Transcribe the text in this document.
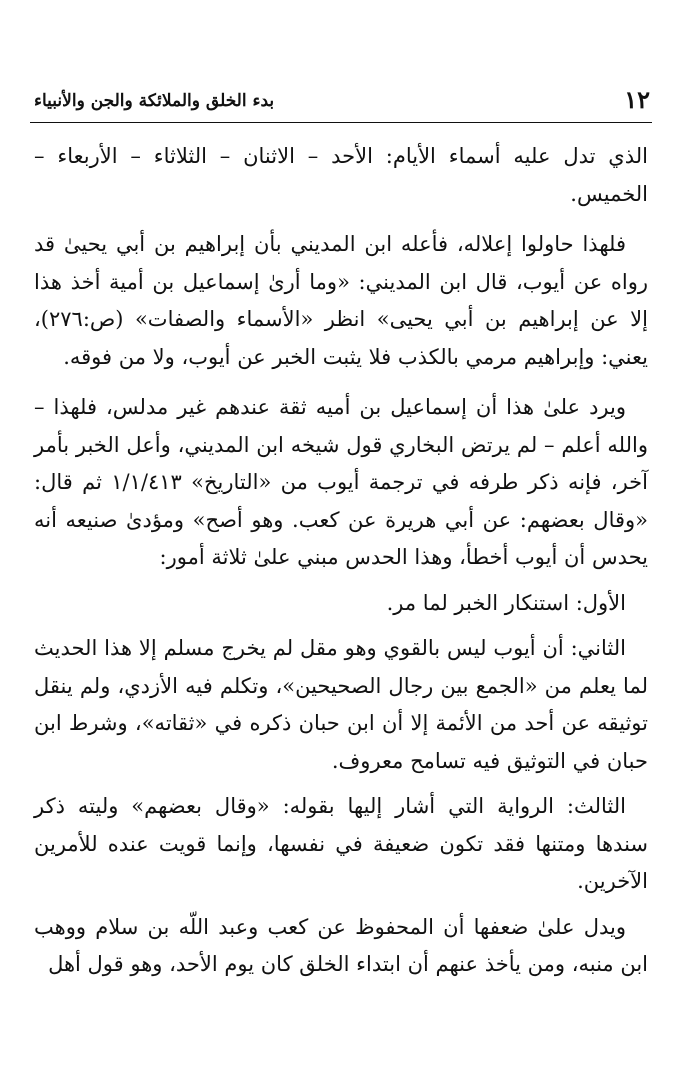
١٢
بدء الخلق والملائكة والجن والأنبياء

الذي تدل عليه أسماء الأيام: الأحد – الاثنان – الثلاثاء – الأربعاء – الخميس.

فلهذا حاولوا إعلاله، فأعله ابن المديني بأن إبراهيم بن أبي يحيىٰ قد رواه عن أيوب، قال ابن المديني: «وما أرىٰ إسماعيل بن أمية أخذ هذا إلا عن إبراهيم بن أبي يحيى» انظر «الأسماء والصفات» (ص:٢٧٦)، يعني: وإبراهيم مرمي بالكذب فلا يثبت الخبر عن أيوب، ولا من فوقه.

ويرد علىٰ هذا أن إسماعيل بن أميه ثقة عندهم غير مدلس، فلهذا – والله أعلم – لم يرتض البخاري قول شيخه ابن المديني، وأعل الخبر بأمر آخر، فإنه ذكر طرفه في ترجمة أيوب من «التاريخ» ١/١/٤١٣ ثم قال: «وقال بعضهم: عن أبي هريرة عن كعب. وهو أصح» ومؤدىٰ صنيعه أنه يحدس أن أيوب أخطأ، وهذا الحدس مبني علىٰ ثلاثة أمور:

الأول: استنكار الخبر لما مر.

الثاني: أن أيوب ليس بالقوي وهو مقل لم يخرج مسلم إلا هذا الحديث لما يعلم من «الجمع بين رجال الصحيحين»، وتكلم فيه الأزدي، ولم ينقل توثيقه عن أحد من الأئمة إلا أن ابن حبان ذكره في «ثقاته»، وشرط ابن حبان في التوثيق فيه تسامح معروف.

الثالث: الرواية التي أشار إليها بقوله: «وقال بعضهم» وليته ذكر سندها ومتنها فقد تكون ضعيفة في نفسها، وإنما قويت عنده للأمرين الآخرين.

ويدل علىٰ ضعفها أن المحفوظ عن كعب وعبد اللّه بن سلام ووهب ابن منبه، ومن يأخذ عنهم أن ابتداء الخلق كان يوم الأحد، وهو قول أهل
